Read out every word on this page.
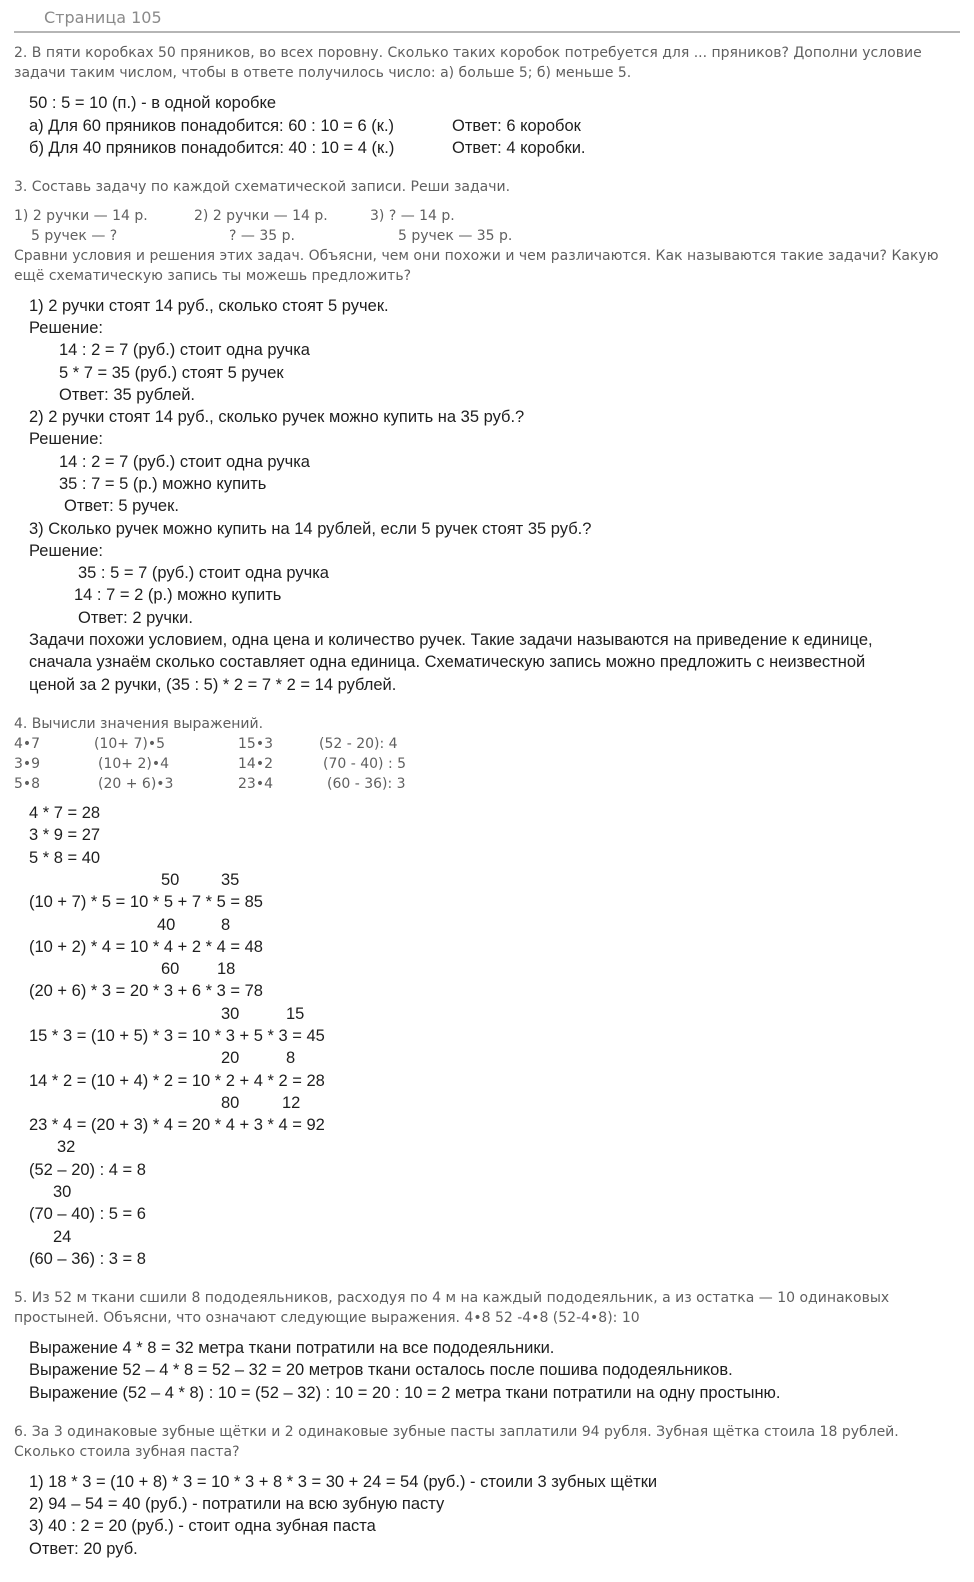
Страница 105
2. В пяти коробках 50 пряников, во всех поровну. Сколько таких коробок потребуется для ... пряников? Дополни условие
задачи таким числом, чтобы в ответе получилось число: а) больше 5; б) меньше 5.
50 : 5 = 10 (п.) - в одной коробке
а) Для 60 пряников понадобится: 60 : 10 = 6 (к.)	Ответ: 6 коробок
б) Для 40 пряников понадобится: 40 : 10 = 4 (к.)	Ответ: 4 коробки.
3. Составь задачу по каждой схематической записи. Реши задачи.
1) 2 ручки — 14 р.	2) 2 ручки — 14 р.	3) ? — 14 р.
5 ручек — ?	? — 35 р.	5 ручек — 35 р.
Сравни условия и решения этих задач. Объясни, чем они похожи и чем различаются. Как называются такие задачи? Какую
ещё схематическую запись ты можешь предложить?
1) 2 ручки стоят 14 руб., сколько стоят 5 ручек.
Решение:
14 : 2 = 7 (руб.) стоит одна ручка
5 * 7 = 35 (руб.) стоят 5 ручек
Ответ: 35 рублей.
2) 2 ручки стоят 14 руб., сколько ручек можно купить на 35 руб.?
Решение:
14 : 2 = 7 (руб.) стоит одна ручка
35 : 7 = 5 (р.) можно купить
Ответ: 5 ручек.
3) Сколько ручек можно купить на 14 рублей, если 5 ручек стоят 35 руб.?
Решение:
35 : 5 = 7 (руб.) стоит одна ручка
14 : 7 = 2 (р.) можно купить
Ответ: 2 ручки.
Задачи похожи условием, одна цена и количество ручек. Такие задачи называются на приведение к единице,
сначала узнаём сколько составляет одна единица. Схематическую запись можно предложить с неизвестной
ценой за 2 ручки, (35 : 5) * 2 = 7 * 2 = 14 рублей.
4. Вычисли значения выражений.
4•7	(10+ 7)•5	15•3	(52 - 20): 4
3•9	(10+ 2)•4	14•2	(70 - 40) : 5
5•8	(20 + 6)•3	23•4	(60 - 36): 3
4 * 7 = 28
3 * 9 = 27
5 * 8 = 40
50	35
(10 + 7) * 5 = 10 * 5 + 7 * 5 = 85
40	8
(10 + 2) * 4 = 10 * 4 + 2 * 4 = 48
60 18
(20 + 6) * 3 = 20 * 3 + 6 * 3 = 78
30	15
15 * 3 = (10 + 5) * 3 = 10 * 3 + 5 * 3 = 45
20	8
14 * 2 = (10 + 4) * 2 = 10 * 2 + 4 * 2 = 28
80	12
23 * 4 = (20 + 3) * 4 = 20 * 4 + 3 * 4 = 92
32
(52 – 20) : 4 = 8
30
(70 – 40) : 5 = 6
24
(60 – 36) : 3 = 8
5. Из 52 м ткани сшили 8 пододеяльников, расходуя по 4 м на каждый пододеяльник, а из остатка — 10 одинаковых
простыней. Объясни, что означают следующие выражения. 4•8 52 -4•8 (52-4•8): 10
Выражение 4 * 8 = 32 метра ткани потратили на все пододеяльники.
Выражение 52 – 4 * 8 = 52 – 32 = 20 метров ткани осталось после пошива пододеяльников.
Выражение (52 – 4 * 8) : 10 = (52 – 32) : 10 = 20 : 10 = 2 метра ткани потратили на одну простыню.
6. За 3 одинаковые зубные щётки и 2 одинаковые зубные пасты заплатили 94 рубля. Зубная щётка стоила 18 рублей.
Сколько стоила зубная паста?
1) 18 * 3 = (10 + 8) * 3 = 10 * 3 + 8 * 3 = 30 + 24 = 54 (руб.) - стоили 3 зубных щётки
2) 94 – 54 = 40 (руб.) - потратили на всю зубную пасту
3) 40 : 2 = 20 (руб.) - стоит одна зубная паста
Ответ: 20 руб.
